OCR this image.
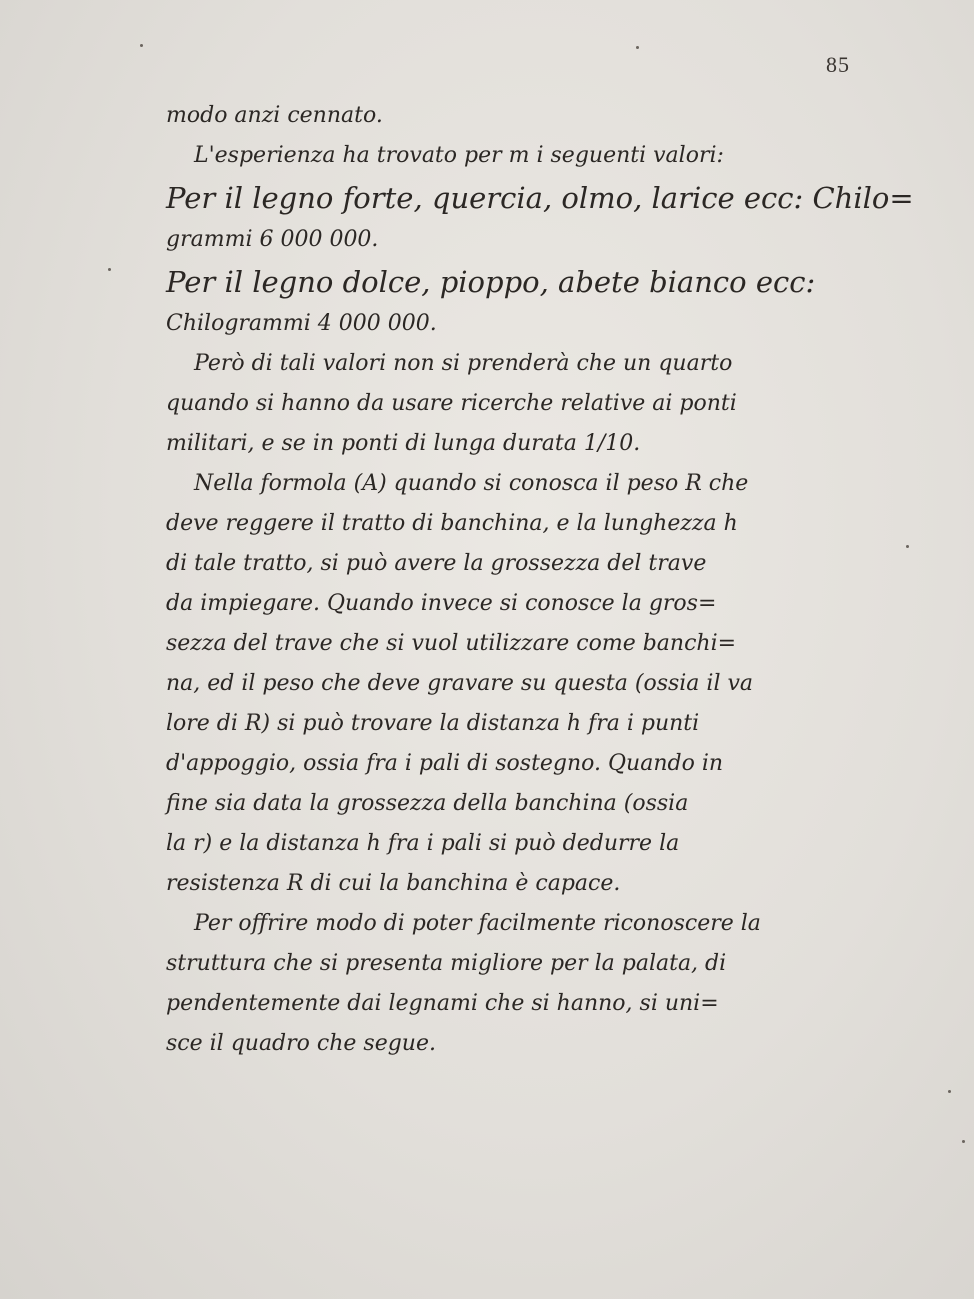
85
modo anzi cennato.
L'esperienza ha trovato per m i seguenti valori:
Per il legno forte, quercia, olmo, larice ecc: Chilo=
grammi 6 000 000.
Per il legno dolce, pioppo, abete bianco ecc:
Chilogrammi 4 000 000.
Però di tali valori non si prenderà che un quarto
quando si hanno da usare ricerche relative ai ponti
militari, e se in ponti di lunga durata 1/10.
Nella formola (A) quando si conosca il peso R che
deve reggere il tratto di banchina, e la lunghezza h
di tale tratto, si può avere la grossezza del trave
da impiegare. Quando invece si conosce la gros=
sezza del trave che si vuol utilizzare come banchi=
na, ed il peso che deve gravare su questa (ossia il va
lore di R) si può trovare la distanza h fra i punti
d'appoggio, ossia fra i pali di sostegno. Quando in
fine sia data la grossezza della banchina (ossia
la r) e la distanza h fra i pali si può dedurre la
resistenza R di cui la banchina è capace.
Per offrire modo di poter facilmente riconoscere la
struttura che si presenta migliore per la palata, di
pendentemente dai legnami che si hanno, si uni=
sce il quadro che segue.
